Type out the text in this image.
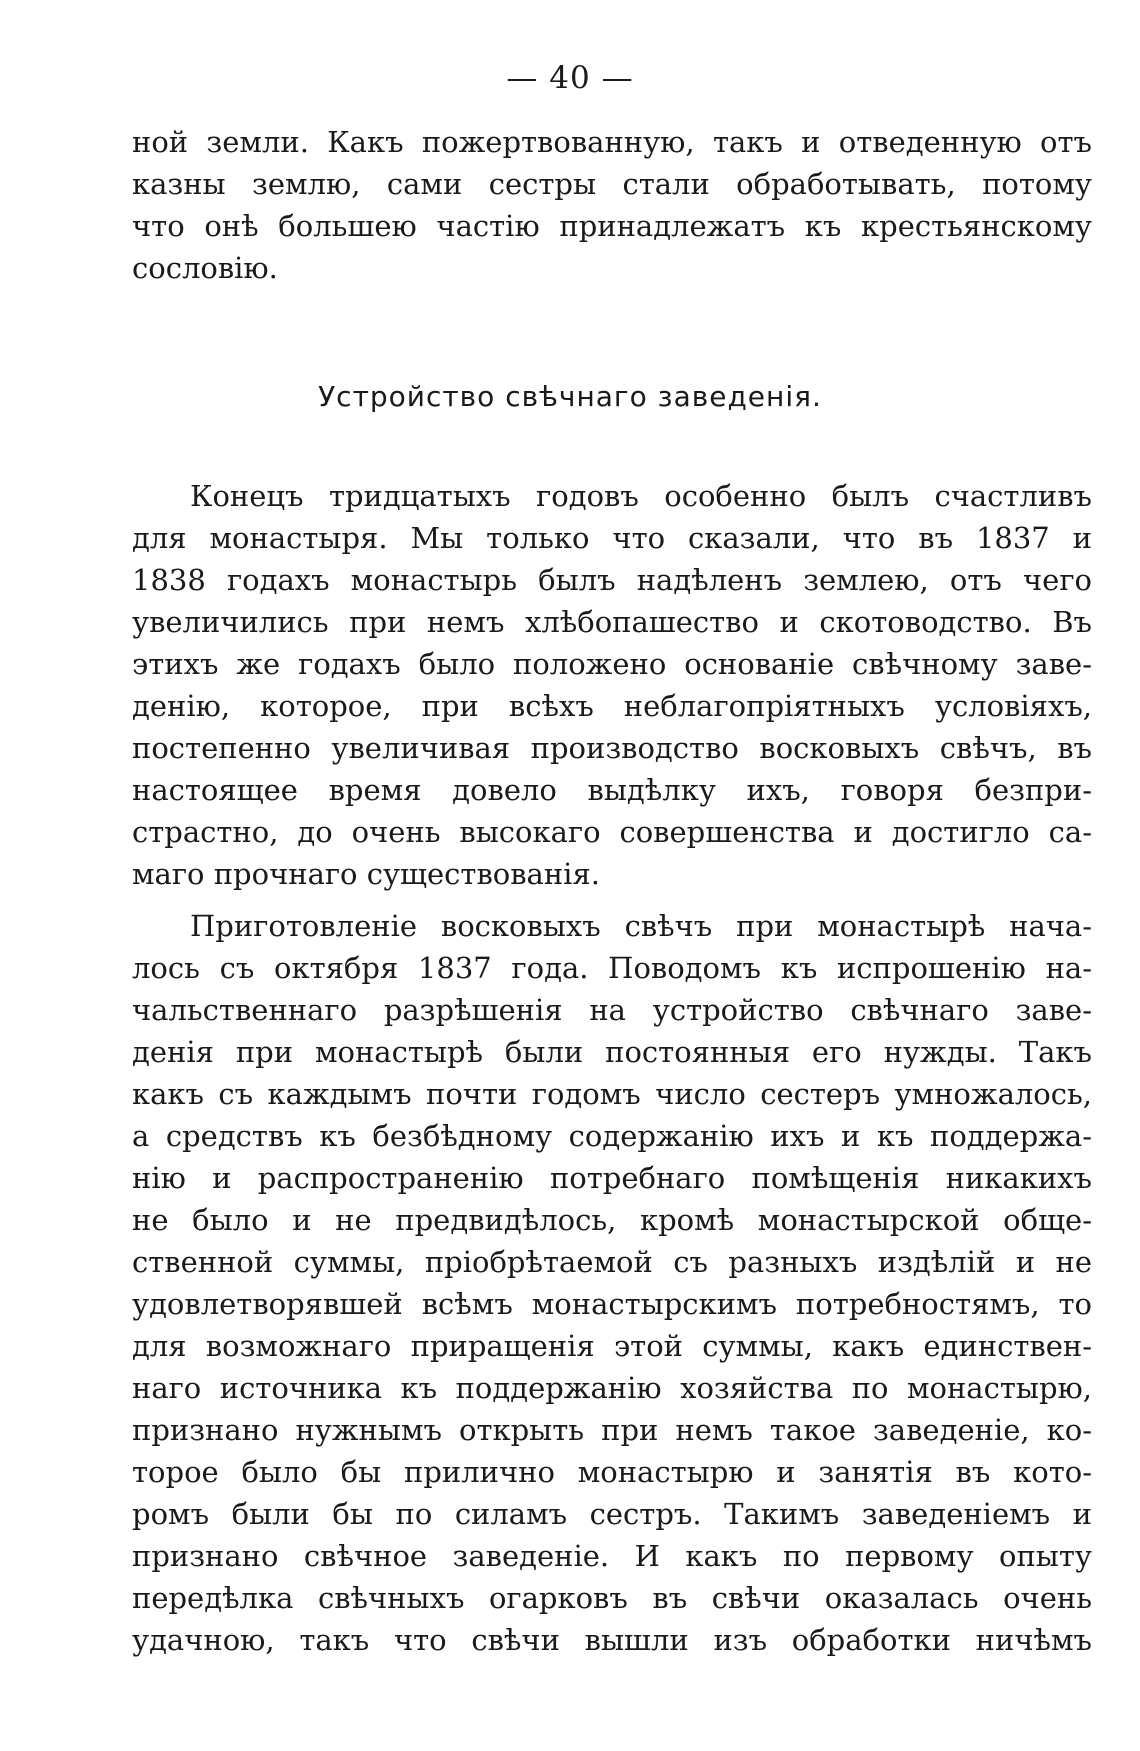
— 40 —
ной земли. Какъ пожертвованную, такъ и отведенную отъ
казны землю, сами сестры стали обработывать, потому
что онѣ большею частію принадлежатъ къ крестьянскому
сословію.
Устройство свѣчнаго заведенія.
Конецъ тридцатыхъ годовъ особенно былъ счастливъ
для монастыря. Мы только что сказали, что въ 1837 и
1838 годахъ монастырь былъ надѣленъ землею, отъ чего
увеличились при немъ хлѣбопашество и скотоводство. Въ
этихъ же годахъ было положено основаніе свѣчному заве-
денію, которое, при всѣхъ неблагопріятныхъ условіяхъ,
постепенно увеличивая производство восковыхъ свѣчъ, въ
настоящее время довело выдѣлку ихъ, говоря безпри-
страстно, до очень высокаго совершенства и достигло са-
маго прочнаго существованія.
Приготовленіе восковыхъ свѣчъ при монастырѣ нача-
лось съ октября 1837 года. Поводомъ къ испрошенію на-
чальственнаго разрѣшенія на устройство свѣчнаго заве-
денія при монастырѣ были постоянныя его нужды. Такъ
какъ съ каждымъ почти годомъ число сестеръ умножалось,
а средствъ къ безбѣдному содержанію ихъ и къ поддержа-
нію и распространенію потребнаго помѣщенія никакихъ
не было и не предвидѣлось, кромѣ монастырской обще-
ственной суммы, пріобрѣтаемой съ разныхъ издѣлій и не
удовлетворявшей всѣмъ монастырскимъ потребностямъ, то
для возможнаго приращенія этой суммы, какъ единствен-
наго источника къ поддержанію хозяйства по монастырю,
признано нужнымъ открыть при немъ такое заведеніе, ко-
торое было бы прилично монастырю и занятія въ кото-
ромъ были бы по силамъ сестръ. Такимъ заведеніемъ и
признано свѣчное заведеніе. И какъ по первому опыту
передѣлка свѣчныхъ огарковъ въ свѣчи оказалась очень
удачною, такъ что свѣчи вышли изъ обработки ничѣмъ
